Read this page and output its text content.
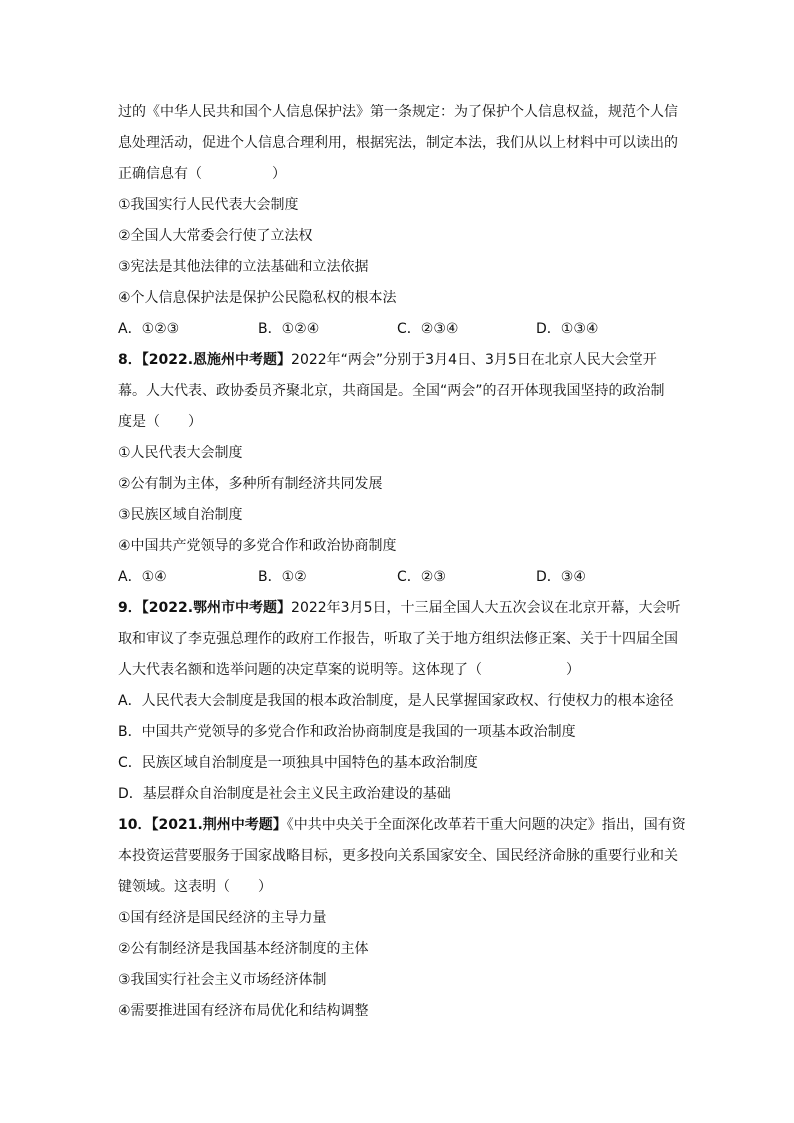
过的《中华人民共和国个人信息保护法》第一条规定：为了保护个人信息权益，规范个人信
息处理活动，促进个人信息合理利用，根据宪法，制定本法，我们从以上材料中可以读出的
正确信息有（　　　　　）
①我国实行人民代表大会制度
②全国人大常委会行使了立法权
③宪法是其他法律的立法基础和立法依据
④个人信息保护法是保护公民隐私权的根本法
A．①②③	B．①②④	C．②③④	D．①③④
8．【2022.恩施州中考题】2022年“两会”分别于3月4日、3月5日在北京人民大会堂开
幕。人大代表、政协委员齐聚北京，共商国是。全国“两会”的召开体现我国坚持的政治制
度是（　　）
①人民代表大会制度
②公有制为主体，多种所有制经济共同发展
③民族区域自治制度
④中国共产党领导的多党合作和政治协商制度
A．①④	B．①②	C．②③	D．③④
9．【2022.鄂州市中考题】2022年3月5日，十三届全国人大五次会议在北京开幕，大会听
取和审议了李克强总理作的政府工作报告，听取了关于地方组织法修正案、关于十四届全国
人大代表名额和选举问题的决定草案的说明等。这体现了（　　　　　　）
A．人民代表大会制度是我国的根本政治制度，是人民掌握国家政权、行使权力的根本途径
B．中国共产党领导的多党合作和政治协商制度是我国的一项基本政治制度
C．民族区域自治制度是一项独具中国特色的基本政治制度
D．基层群众自治制度是社会主义民主政治建设的基础
10．【2021.荆州中考题】《中共中央关于全面深化改革若干重大问题的决定》指出，国有资
本投资运营要服务于国家战略目标，更多投向关系国家安全、国民经济命脉的重要行业和关
键领域。这表明（　　）
①国有经济是国民经济的主导力量
②公有制经济是我国基本经济制度的主体
③我国实行社会主义市场经济体制
④需要推进国有经济布局优化和结构调整
